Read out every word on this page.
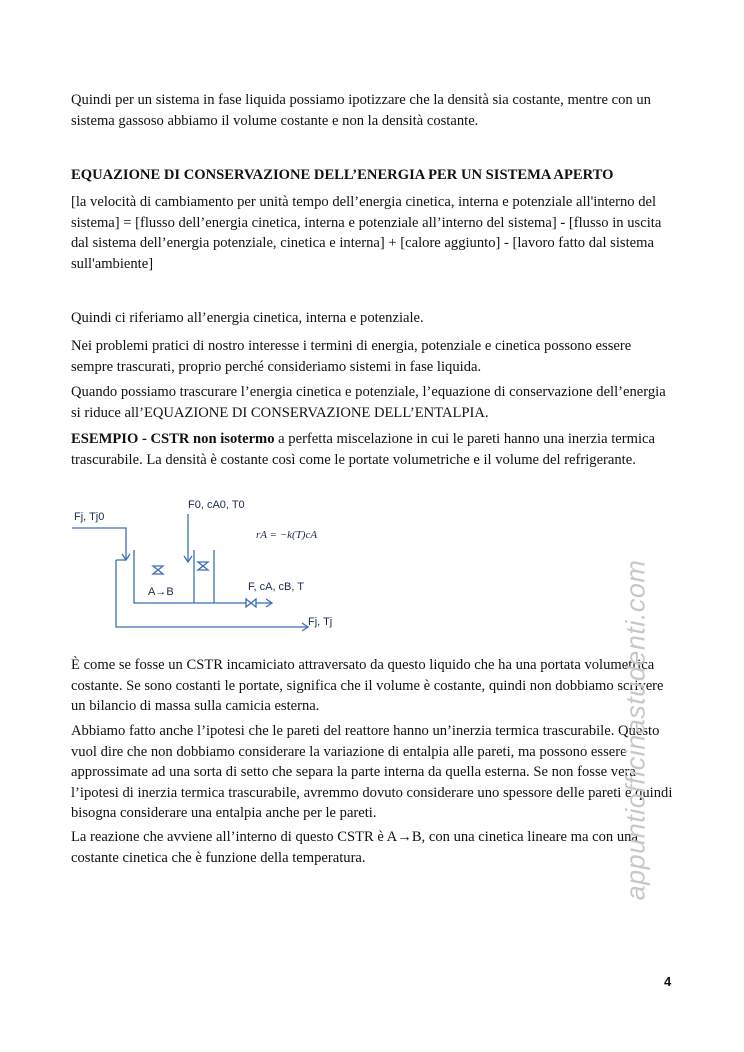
Quindi per un sistema in fase liquida possiamo ipotizzare che la densità sia costante, mentre con un sistema gassoso abbiamo il volume costante e non la densità costante.

EQUAZIONE DI CONSERVAZIONE DELL’ENERGIA PER UN SISTEMA APERTO

[la velocità di cambiamento per unità tempo dell’energia cinetica, interna e potenziale all'interno del sistema] = [flusso dell’energia cinetica, interna e potenziale all’interno del sistema] - [flusso in uscita dal sistema dell’energia potenziale, cinetica e interna] + [calore aggiunto] - [lavoro fatto dal sistema sull'ambiente]

Quindi ci riferiamo all’energia cinetica, interna e potenziale.

Nei problemi pratici di nostro interesse i termini di energia, potenziale e cinetica possono essere sempre trascurati, proprio perché consideriamo sistemi in fase liquida.

Quando possiamo trascurare l’energia cinetica e potenziale, l’equazione di conservazione dell’energia si riduce all’EQUAZIONE DI CONSERVAZIONE DELL’ENTALPIA.

ESEMPIO - CSTR non isotermo a perfetta miscelazione in cui le pareti hanno una inerzia termica trascurabile. La densità è costante così come le portate volumetriche e il volume del refrigerante.

Fj, Tj0
F0, cA0, T0
rA = −k(T)cA
A→B	F, cA, cB, T
Fj, Tj

È come se fosse un CSTR incamiciato attraversato da questo liquido che ha una portata volumetrica costante. Se sono costanti le portate, significa che il volume è costante, quindi non dobbiamo scrivere un bilancio di massa sulla camicia esterna.

Abbiamo fatto anche l’ipotesi che le pareti del reattore hanno un’inerzia termica trascurabile. Questo vuol dire che non dobbiamo considerare la variazione di entalpia alle pareti, ma possono essere approssimate ad una sorta di setto che separa la parte interna da quella esterna. Se non fosse vera l’ipotesi di inerzia termica trascurabile, avremmo dovuto considerare uno spessore delle pareti e quindi bisogna considerare una entalpia anche per le pareti.

La reazione che avviene all’interno di questo CSTR è A→B, con una cinetica lineare ma con una costante cinetica che è funzione della temperatura.	appuntiofficinastudenti.com
4
